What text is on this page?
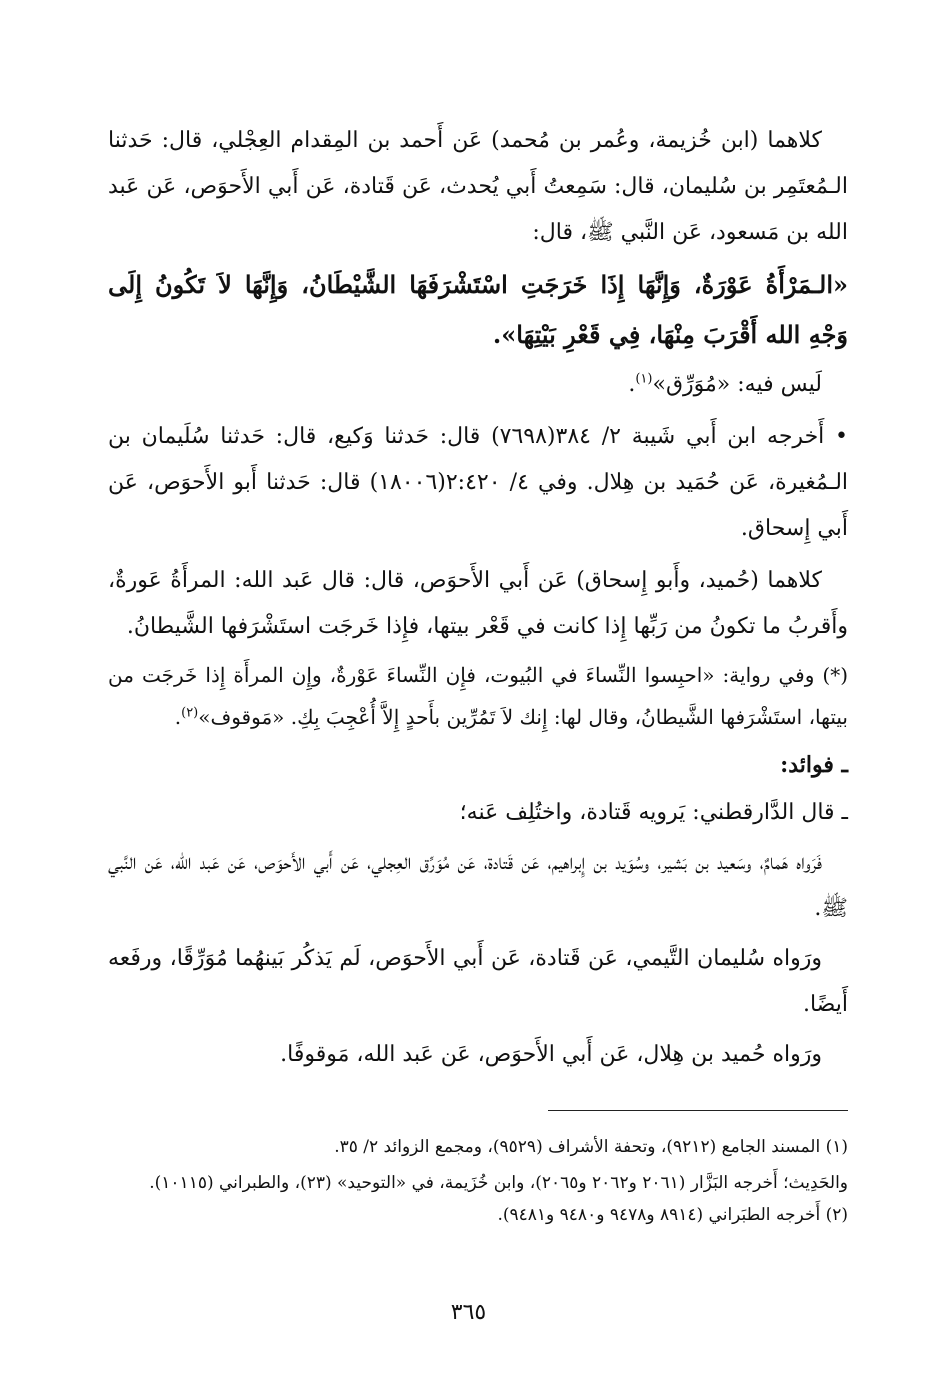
كلاهما (ابن خُزيمة، وعُمر بن مُحمد) عَن أَحمد بن المِقدام العِجْلي، قال: حَدثنا الـمُعتَمِر بن سُليمان، قال: سَمِعتُ أَبي يُحدث، عَن قَتادة، عَن أَبي الأَحوَص، عَن عَبد الله بن مَسعود، عَن النَّبي ﷺ، قال:

«الـمَرْأَةُ عَوْرَةٌ، وَإِنَّهَا إِذَا خَرَجَتِ اسْتَشْرَفَهَا الشَّيْطَانُ، وَإِنَّهَا لاَ تَكُونُ إِلَى وَجْهِ الله أَقْرَبَ مِنْهَا، فِي قَعْرِ بَيْتِهَا».

لَيس فيه: «مُوَرِّق»$^{(١)}$.

• أَخرجه ابن أَبي شَيبة ٢/ ٣٨٤(٧٦٩٨) قال: حَدثنا وَكيع، قال: حَدثنا سُلَيمان بن الـمُغيرة، عَن حُمَيد بن هِلال. وفي ٤/ ٢:٤٢٠(١٨٠٠٦) قال: حَدثنا أَبو الأَحوَص، عَن أَبي إِسحاق.

كلاهما (حُميد، وأَبو إِسحاق) عَن أَبي الأَحوَص، قال: قال عَبد الله: المرأَةُ عَورةٌ، وأَقربُ ما تكونُ من رَبِّها إِذا كانت في قَعْر بيتها، فإِذا خَرجَت استَشْرَفها الشَّيطانُ.

(*) وفي رواية: «احبِسوا النِّساءَ في البُيوت، فإِن النِّساءَ عَوْرةٌ، وإِن المرأَة إِذا خَرجَت من بيتها، استَشْرَفها الشَّيطانُ، وقال لها: إِنك لاَ تَمُرِّين بأَحدٍ إِلاَّ أُعْجِبَ بِكِ. «مَوقوف»$^{(٢)}$.

ـ فوائد:

ـ قال الدَّارقطني: يَرويه قَتادة، واختُلِف عَنه؛

فَرَواه هَمامٌ، وسَعيد بن بَشير، وسُوَيد بن إِبراهيم، عَن قَتادة، عَن مُوَرِّق العِجلي، عَن أَبي الأَحوَص، عَن عَبد الله، عَن النَّبي ﷺ.

ورَواه سُليمان التَّيمي، عَن قَتادة، عَن أَبي الأَحوَص، لَم يَذكُر بَينهُما مُوَرِّقًا، ورفَعه أَيضًا.

ورَواه حُميد بن هِلال، عَن أَبي الأَحوَص، عَن عَبد الله، مَوقوفًا.

(١) المسند الجامع (٩٢١٢)، وتحفة الأشراف (٩٥٢٩)، ومجمع الزوائد ٢/ ٣٥.

والحَدِيث؛ أَخرجه البَزَّار (٢٠٦١ و٢٠٦٢ و٢٠٦٥)، وابن خُزَيمة، في «التوحيد» (٢٣)، والطبراني (١٠١١٥).

(٢) أَخرجه الطبَراني (٨٩١٤ و٩٤٧٨ و٩٤٨٠ و٩٤٨١).

٣٦٥
